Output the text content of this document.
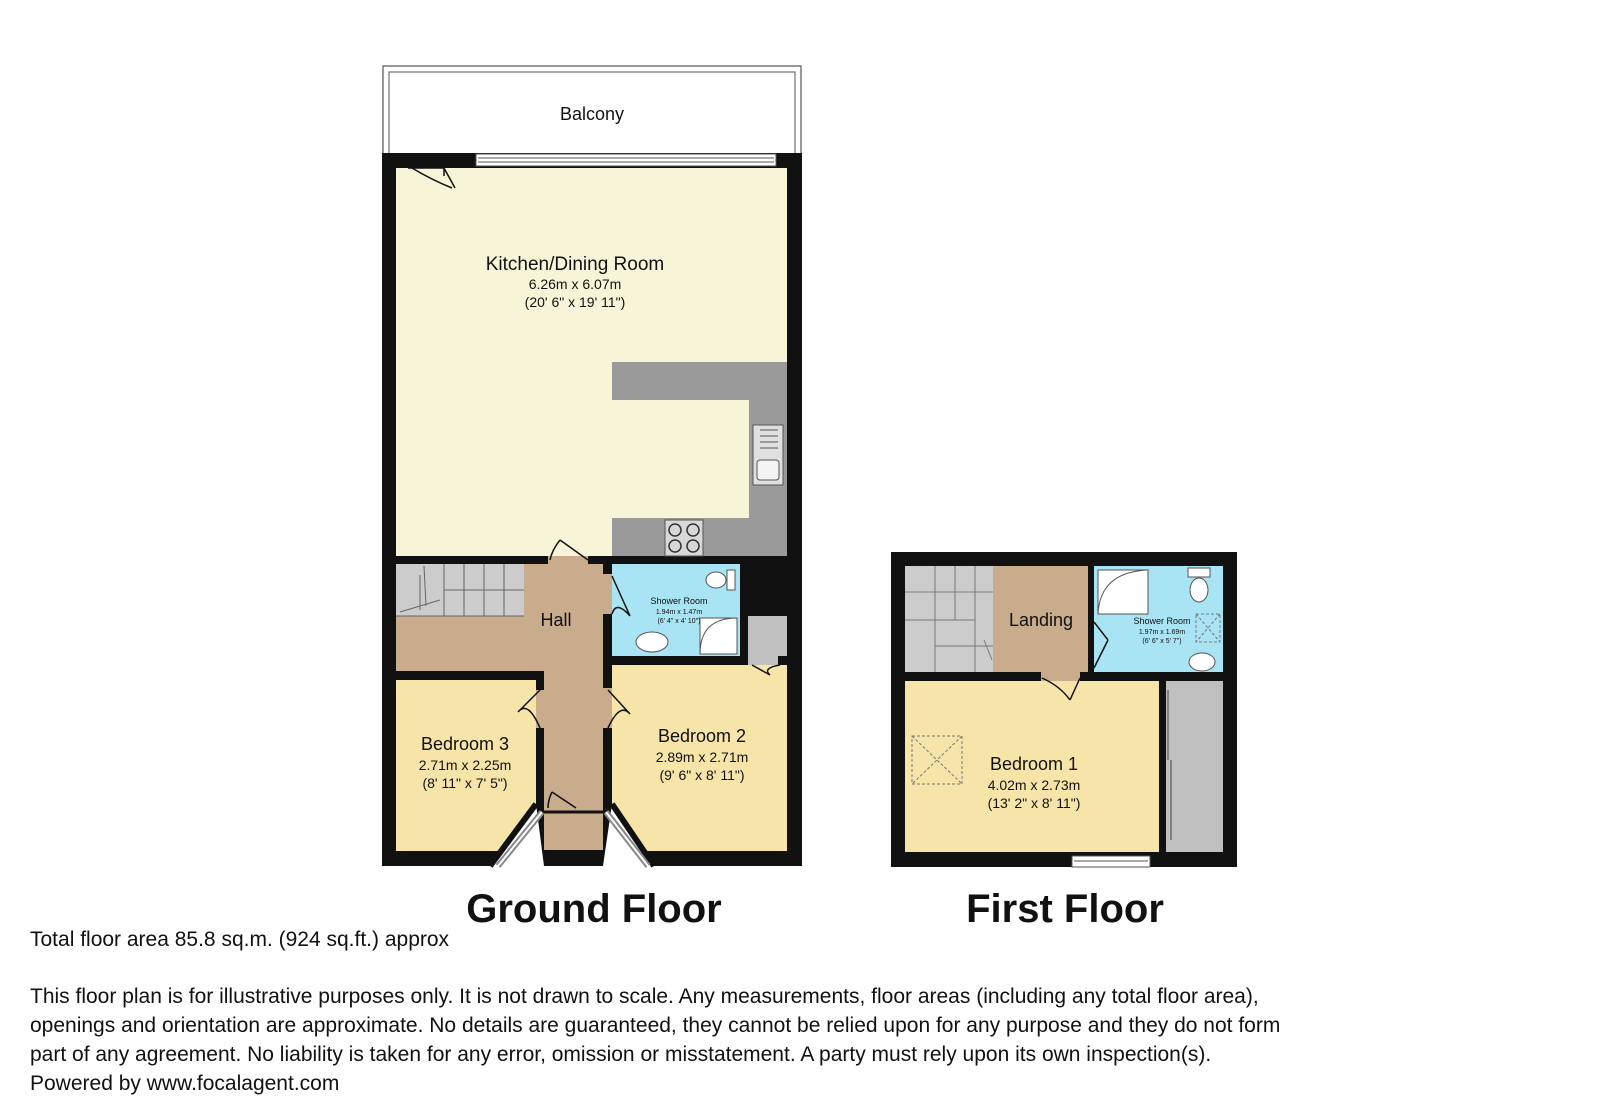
Balcony
Kitchen/Dining Room
6.26m x 6.07m
(20' 6" x 19' 11")
Hall
Shower Room
1.94m x 1.47m
(6' 4" x 4' 10")
Bedroom 3
2.71m x 2.25m
(8' 11" x 7' 5")
Bedroom 2
2.89m x 2.71m
(9' 6" x 8' 11")
Ground Floor
Landing	Shower Room
1.97m x 1.69m
(6' 6" x 5' 7")
Bedroom 1
4.02m x 2.73m
(13' 2" x 8' 11")
First Floor
Total floor area 85.8 sq.m. (924 sq.ft.) approx
This floor plan is for illustrative purposes only. It is not drawn to scale. Any measurements, floor areas (including any total floor area),
openings and orientation are approximate. No details are guaranteed, they cannot be relied upon for any purpose and they do not form
part of any agreement. No liability is taken for any error, omission or misstatement. A party must rely upon its own inspection(s).
Powered by www.focalagent.com
